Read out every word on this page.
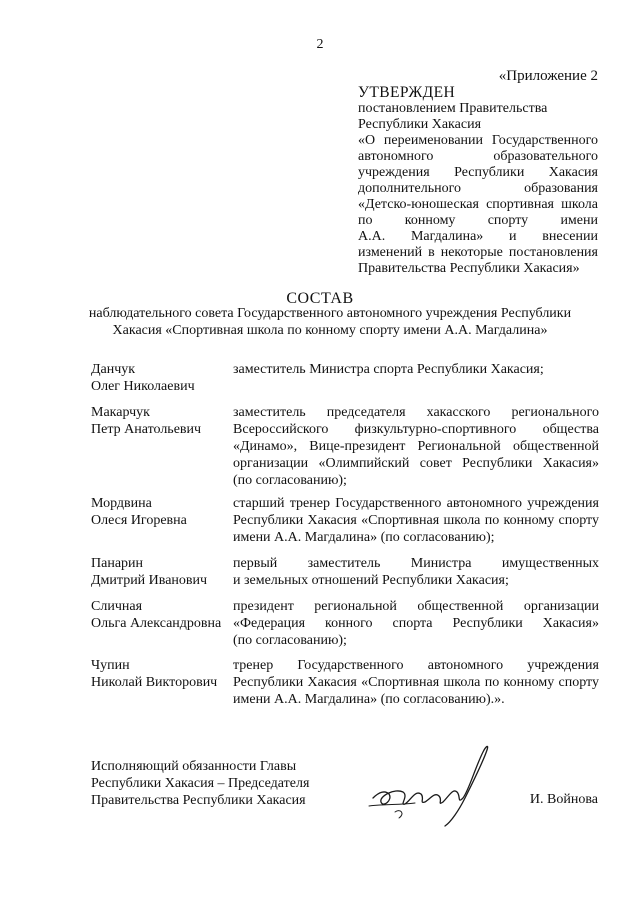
2
«Приложение 2
УТВЕРЖДЕН
постановлением Правительства
Республики Хакасия
«О переименовании Государственного
автономного образовательного
учреждения Республики Хакасия
дополнительного образования
«Детско-юношеская спортивная школа
по конному спорту имени
А.А. Магдалина» и внесении
изменений в некоторые постановления
Правительства Республики Хакасия»
СОСТАВ
наблюдательного совета Государственного автономного учреждения Республики
Хакасия «Спортивная школа по конному спорту имени А.А. Магдалина»
Данчук
Олег Николаевич
заместитель Министра спорта Республики Хакасия;
Макарчук
Петр Анатольевич
заместитель председателя хакасского регионального
Всероссийского физкультурно-спортивного общества
«Динамо», Вице-президент Региональной общественной
организации «Олимпийский совет Республики Хакасия»
(по согласованию);
Мордвина
Олеся Игоревна
старший тренер Государственного автономного учреждения
Республики Хакасия «Спортивная школа по конному спорту
имени А.А. Магдалина» (по согласованию);
Панарин
Дмитрий Иванович
первый заместитель Министра имущественных
и земельных отношений Республики Хакасия;
Сличная
Ольга Александровна
президент региональной общественной организации
«Федерация конного спорта Республики Хакасия»
(по согласованию);
Чупин
Николай Викторович
тренер Государственного автономного учреждения
Республики Хакасия «Спортивная школа по конному спорту
имени А.А. Магдалина» (по согласованию).».
Исполняющий обязанности Главы
Республики Хакасия – Председателя
Правительства Республики Хакасия	И. Войнова
